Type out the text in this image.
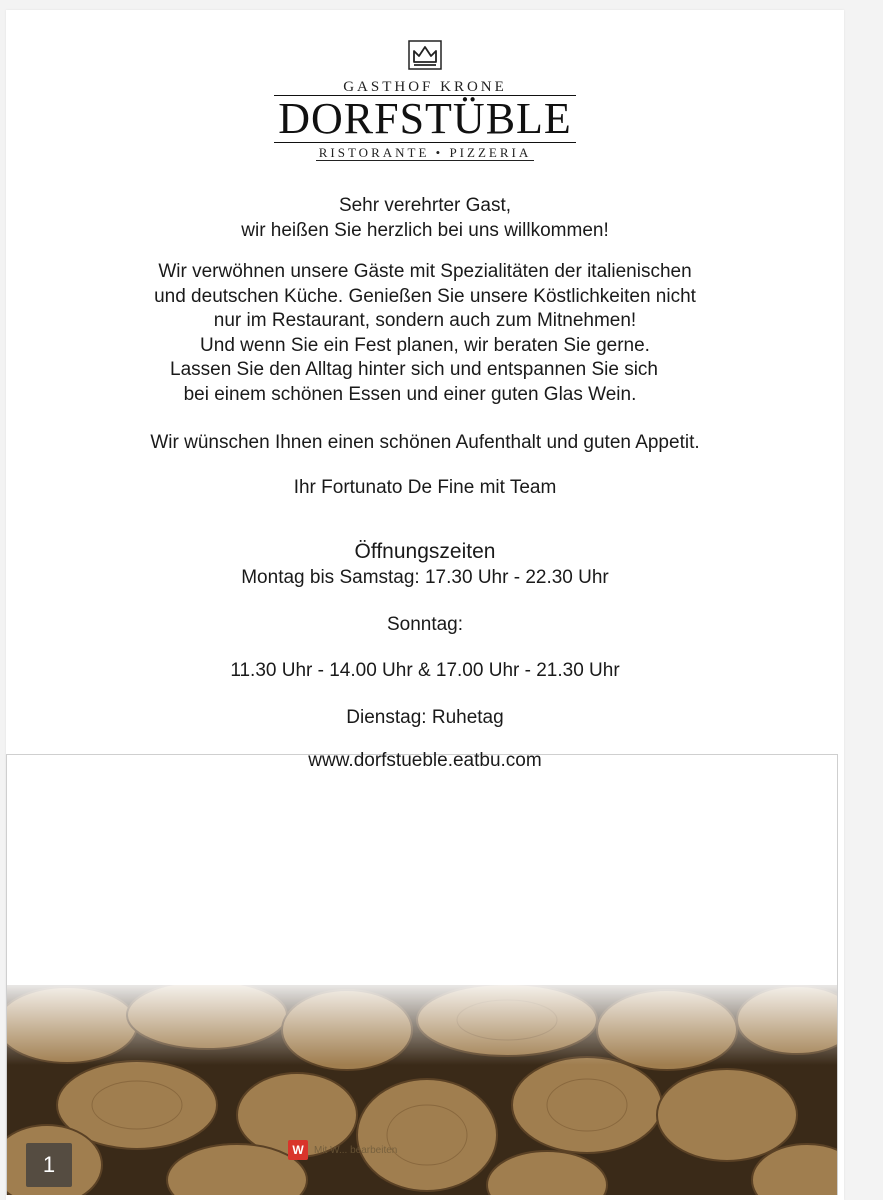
GASTHOF KRONE
DORFSTÜBLE
RISTORANTE • PIZZERIA
Sehr verehrter Gast,
wir heißen Sie herzlich bei uns willkommen!
Wir verwöhnen unsere Gäste mit Spezialitäten der italienischen
und deutschen Küche. Genießen Sie unsere Köstlichkeiten nicht
nur im Restaurant, sondern auch zum Mitnehmen!
Und wenn Sie ein Fest planen, wir beraten Sie gerne.
Lassen Sie den Alltag hinter sich und entspannen Sie sich
bei einem schönen Essen und einer guten Glas Wein.
Wir wünschen Ihnen einen schönen Aufenthalt und guten Appetit.
Ihr Fortunato De Fine mit Team
Öffnungszeiten
Montag bis Samstag: 17.30 Uhr - 22.30 Uhr
Sonntag:
11.30 Uhr - 14.00 Uhr & 17.00 Uhr - 21.30 Uhr
Dienstag: Ruhetag
www.dorfstueble.eatbu.com
W	Mit W... bearbeiten
1
